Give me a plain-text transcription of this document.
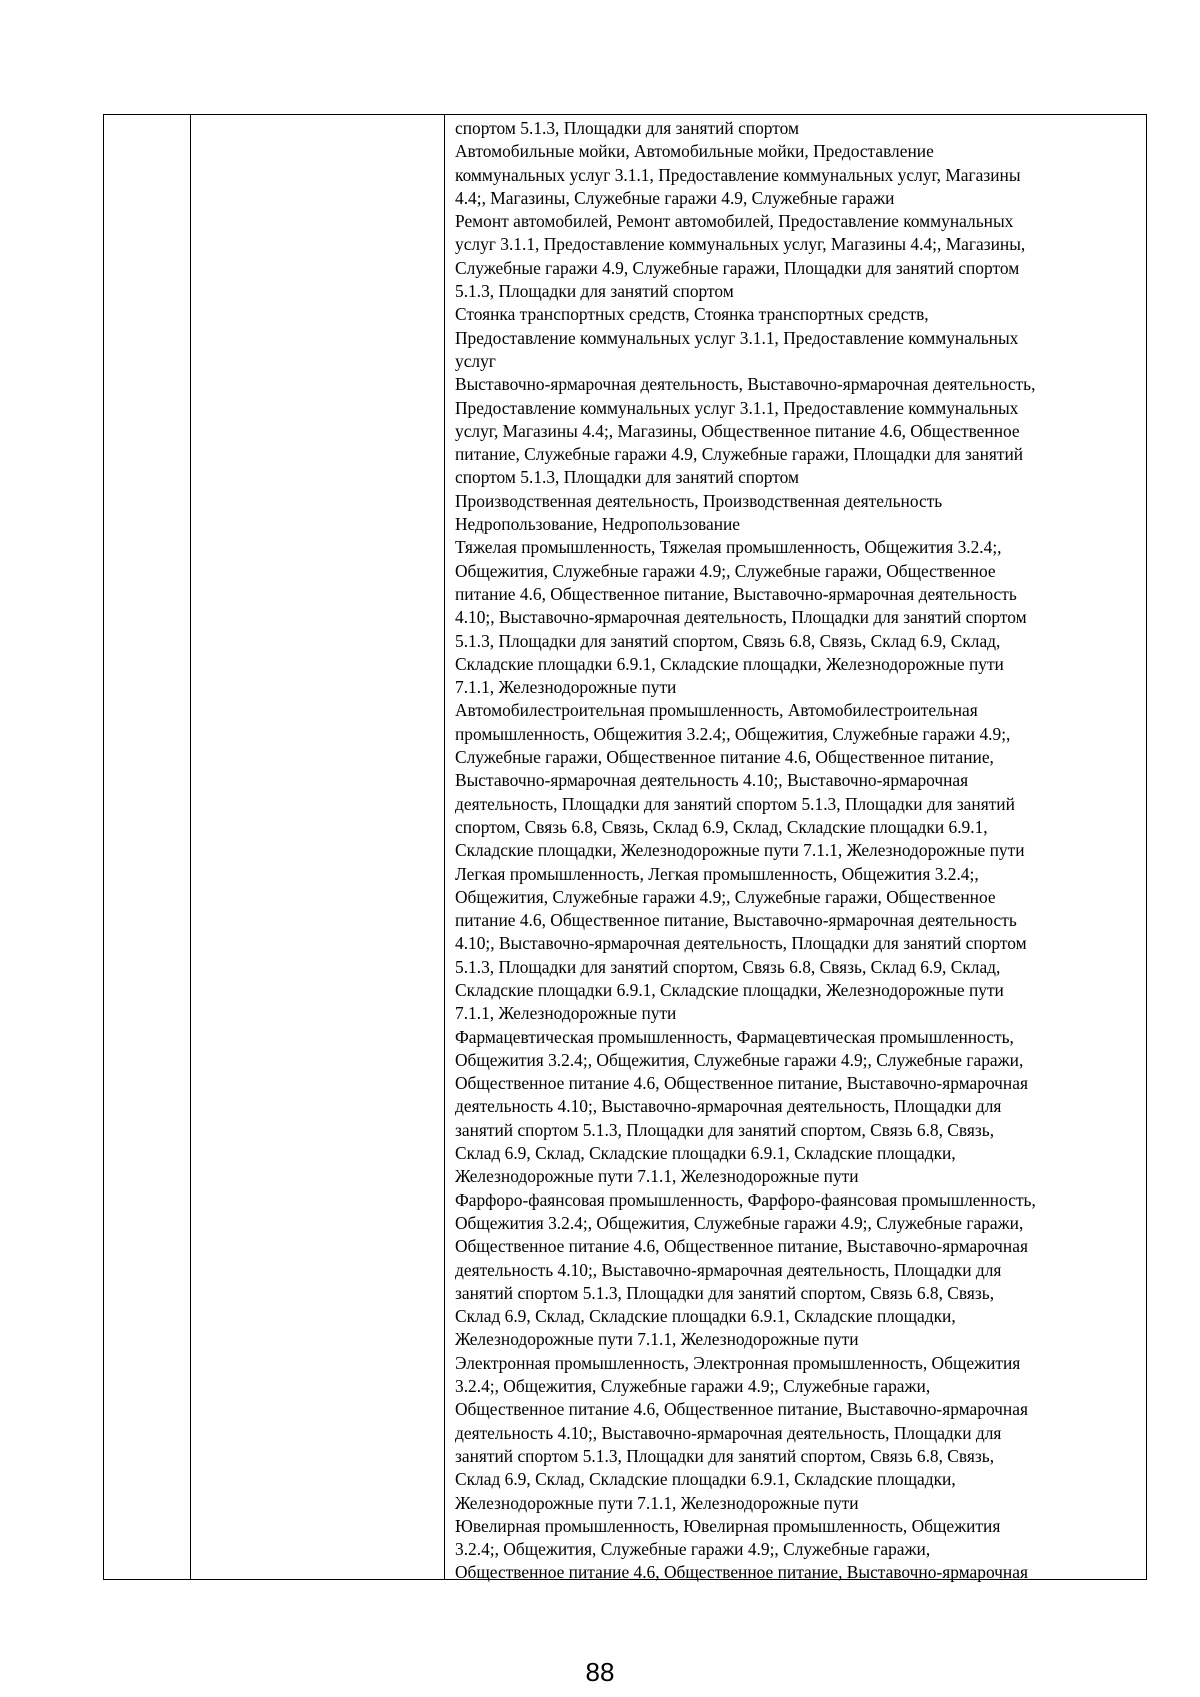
спортом 5.1.3, Площадки для занятий спортом
Автомобильные мойки, Автомобильные мойки, Предоставление
коммунальных услуг 3.1.1, Предоставление коммунальных услуг, Магазины
4.4;, Магазины, Служебные гаражи 4.9, Служебные гаражи
Ремонт автомобилей, Ремонт автомобилей, Предоставление коммунальных
услуг 3.1.1, Предоставление коммунальных услуг, Магазины 4.4;, Магазины,
Служебные гаражи 4.9, Служебные гаражи, Площадки для занятий спортом
5.1.3, Площадки для занятий спортом
Стоянка транспортных средств, Стоянка транспортных средств,
Предоставление коммунальных услуг 3.1.1, Предоставление коммунальных
услуг
Выставочно-ярмарочная деятельность, Выставочно-ярмарочная деятельность,
Предоставление коммунальных услуг 3.1.1, Предоставление коммунальных
услуг, Магазины 4.4;, Магазины, Общественное питание 4.6, Общественное
питание, Служебные гаражи 4.9, Служебные гаражи, Площадки для занятий
спортом 5.1.3, Площадки для занятий спортом
Производственная деятельность, Производственная деятельность
Недропользование, Недропользование
Тяжелая промышленность, Тяжелая промышленность, Общежития 3.2.4;,
Общежития, Служебные гаражи 4.9;, Служебные гаражи, Общественное
питание 4.6, Общественное питание, Выставочно-ярмарочная деятельность
4.10;, Выставочно-ярмарочная деятельность, Площадки для занятий спортом
5.1.3, Площадки для занятий спортом, Связь 6.8, Связь, Склад 6.9, Склад,
Складские площадки 6.9.1, Складские площадки, Железнодорожные пути
7.1.1, Железнодорожные пути
Автомобилестроительная промышленность, Автомобилестроительная
промышленность, Общежития 3.2.4;, Общежития, Служебные гаражи 4.9;,
Служебные гаражи, Общественное питание 4.6, Общественное питание,
Выставочно-ярмарочная деятельность 4.10;, Выставочно-ярмарочная
деятельность, Площадки для занятий спортом 5.1.3, Площадки для занятий
спортом, Связь 6.8, Связь, Склад 6.9, Склад, Складские площадки 6.9.1,
Складские площадки, Железнодорожные пути 7.1.1, Железнодорожные пути
Легкая промышленность, Легкая промышленность, Общежития 3.2.4;,
Общежития, Служебные гаражи 4.9;, Служебные гаражи, Общественное
питание 4.6, Общественное питание, Выставочно-ярмарочная деятельность
4.10;, Выставочно-ярмарочная деятельность, Площадки для занятий спортом
5.1.3, Площадки для занятий спортом, Связь 6.8, Связь, Склад 6.9, Склад,
Складские площадки 6.9.1, Складские площадки, Железнодорожные пути
7.1.1, Железнодорожные пути
Фармацевтическая промышленность, Фармацевтическая промышленность,
Общежития 3.2.4;, Общежития, Служебные гаражи 4.9;, Служебные гаражи,
Общественное питание 4.6, Общественное питание, Выставочно-ярмарочная
деятельность 4.10;, Выставочно-ярмарочная деятельность, Площадки для
занятий спортом 5.1.3, Площадки для занятий спортом, Связь 6.8, Связь,
Склад 6.9, Склад, Складские площадки 6.9.1, Складские площадки,
Железнодорожные пути 7.1.1, Железнодорожные пути
Фарфоро-фаянсовая промышленность, Фарфоро-фаянсовая промышленность,
Общежития 3.2.4;, Общежития, Служебные гаражи 4.9;, Служебные гаражи,
Общественное питание 4.6, Общественное питание, Выставочно-ярмарочная
деятельность 4.10;, Выставочно-ярмарочная деятельность, Площадки для
занятий спортом 5.1.3, Площадки для занятий спортом, Связь 6.8, Связь,
Склад 6.9, Склад, Складские площадки 6.9.1, Складские площадки,
Железнодорожные пути 7.1.1, Железнодорожные пути
Электронная промышленность, Электронная промышленность, Общежития
3.2.4;, Общежития, Служебные гаражи 4.9;, Служебные гаражи,
Общественное питание 4.6, Общественное питание, Выставочно-ярмарочная
деятельность 4.10;, Выставочно-ярмарочная деятельность, Площадки для
занятий спортом 5.1.3, Площадки для занятий спортом, Связь 6.8, Связь,
Склад 6.9, Склад, Складские площадки 6.9.1, Складские площадки,
Железнодорожные пути 7.1.1, Железнодорожные пути
Ювелирная промышленность, Ювелирная промышленность, Общежития
3.2.4;, Общежития, Служебные гаражи 4.9;, Служебные гаражи,
Общественное питание 4.6, Общественное питание, Выставочно-ярмарочная
88
